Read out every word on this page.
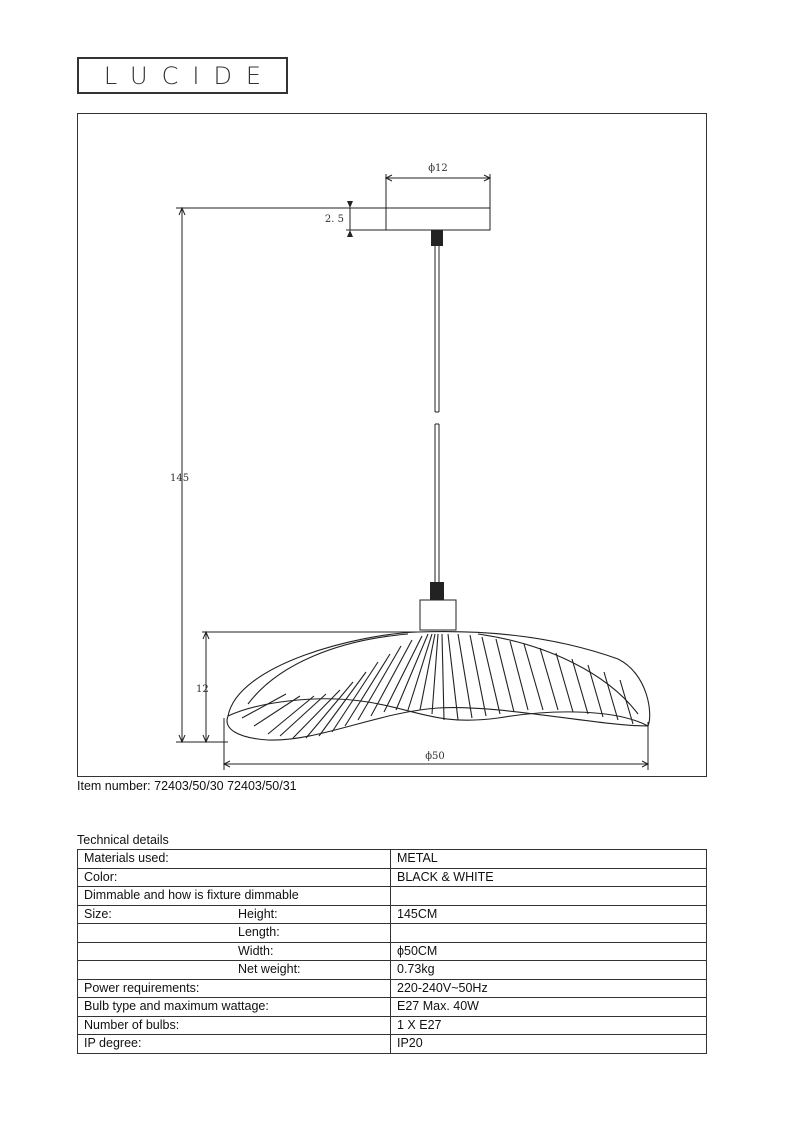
LUCIDE
ϕ12
2. 5
145
12
ϕ50
Item number: 72403/50/30 72403/50/31
Technical details
Materials used:	METAL
Color:	BLACK & WHITE
Dimmable and how is fixture dimmable

Size: Height:	145CM

Length:	

Width:	ϕ50CM

Net weight:	0.73kg
Power requirements:	220-240V~50Hz
Bulb type and maximum wattage:	E27 Max. 40W
Number of bulbs:	1 X E27
IP degree:	IP20
